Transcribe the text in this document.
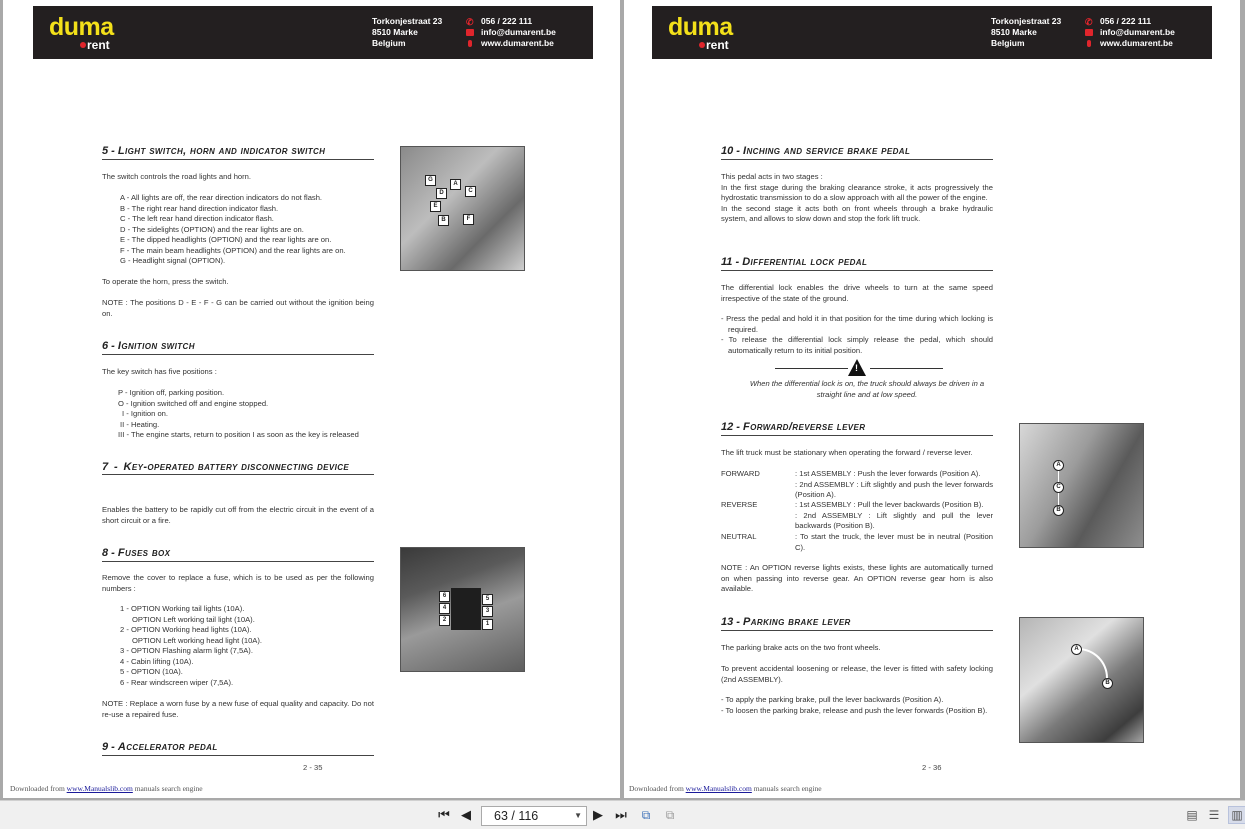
duma
rent
Torkonjestraat 23
8510 Marke
Belgium
✆ 056 / 222 111
info@dumarent.be
www.dumarent.be
5 - Light switch, horn and indicator switch
The switch controls the road lights and horn.
A - All lights are off, the rear direction indicators do not flash.
B - The right rear hand direction indicator flash.
C - The left rear hand direction indicator flash.
D - The sidelights (OPTION) and the rear lights are on.
E - The dipped headlights (OPTION) and the rear lights are on.
F - The main beam headlights (OPTION) and the rear lights are on.
G - Headlight signal (OPTION).
To operate the horn, press the switch.
NOTE : The positions D - E - F - G can be carried out without the ignition being on.
G
A
D	C
E
B	F
6 - Ignition switch
The key switch has five positions :
P - Ignition off, parking position.
O - Ignition switched off and engine stopped.
I - Ignition on.
II - Heating.
III - The engine starts, return to position I as soon as the key is released
7 - Key-operated battery disconnecting device
Enables the battery to be rapidly cut off from the electric circuit in the event of a short circuit or a fire.
8 - Fuses box
Remove the cover to replace a fuse, which is to be used as per the following numbers :
1 - OPTION Working tail lights (10A).
OPTION Left working tail light (10A).
2 - OPTION Working head lights (10A).
OPTION Left working head light (10A).
3 - OPTION Flashing alarm light (7,5A).
4 - Cabin lifting (10A).
5 - OPTION (10A).
6 - Rear windscreen wiper (7,5A).
NOTE : Replace a worn fuse by a new fuse of equal quality and capacity. Do not re-use a repaired fuse.
6
4
2
5
3
1
9 - Accelerator pedal
2 - 35
Downloaded from www.Manualslib.com manuals search engine
duma
rent
Torkonjestraat 23
8510 Marke
Belgium
✆ 056 / 222 111
info@dumarent.be
www.dumarent.be
10 - Inching and service brake pedal
This pedal acts in two stages :
In the first stage during the braking clearance stroke, it acts progressively the hydrostatic transmission to do a slow approach with all the power of the engine.
In the second stage it acts both on front wheels through a brake hydraulic system, and allows to slow down and stop the fork lift truck.
11 - Differential lock pedal
The differential lock enables the drive wheels to turn at the same speed irrespective of the state of the ground.
- Press the pedal and hold it in that position for the time during which locking is required.
- To release the differential lock simply release the pedal, which should automatically return to its initial position.
!
When the differential lock is on, the truck should always be driven in a straight line and at low speed.
12 - Forward/reverse lever
The lift truck must be stationary when operating the forward / reverse lever.
FORWARD	: 1st ASSEMBLY : Push the lever forwards (Position A).
: 2nd ASSEMBLY : Lift slightly and push the lever forwards (Position A).
REVERSE	: 1st ASSEMBLY : Pull the lever backwards (Position B).
: 2nd ASSEMBLY : Lift slightly and pull the lever backwards (Position B).
NEUTRAL	: To start the truck, the lever must be in neutral (Position C).
NOTE : An OPTION reverse lights exists, these lights are automatically turned on when passing into reverse gear. An OPTION reverse gear horn is also available.
A
C
B
13 - Parking brake lever
The parking brake acts on the two front wheels.
To prevent accidental loosening or release, the lever is fitted with safety locking (2nd ASSEMBLY).
- To apply the parking brake, pull the lever backwards (Position A).
- To loosen the parking brake, release and push the lever forwards (Position B).
A
B
2 - 36
Downloaded from www.Manualslib.com manuals search engine
⏮ ◀ 63 / 116	▼ ▶ ⏭	⧉	⧉	▤ ☰ ▥
